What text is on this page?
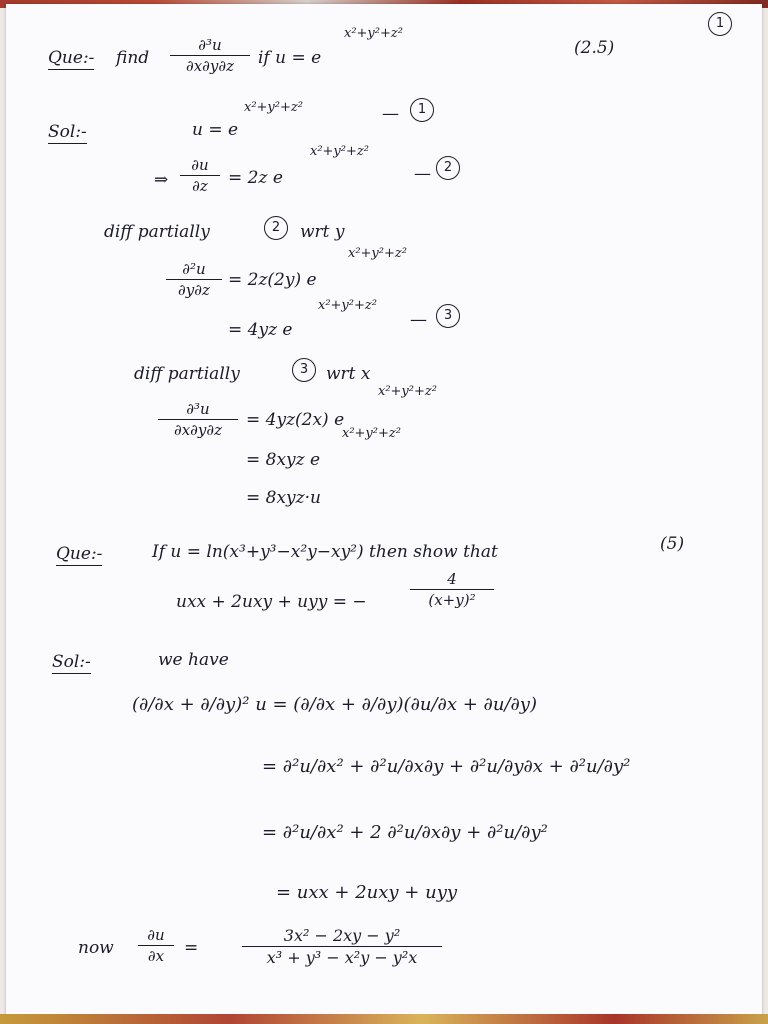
1
Que:- find $\frac{\text{∂³u}}{\partial x\partial y\partial z}$ if u = e
x²+y²+z²
(2.5)
Sol:-	u = e
x²+y²+z²	—	1
⇒ $\frac{\partial u}{\partial z} = 2z$ e
x²+y²+z²
— 2
diff partially	2	wrt y
$\frac{\text{∂²u}}{\partial y\partial z} = 2z(2y)$ e
x²+y²+z²
= 4yz e
x²+y²+z²
—	3
diff partially	3	wrt x
$\frac{\text{∂³u}}{\partial x\partial y\partial z} = 4yz(2x)$ e
x²+y²+z²
= 8xyz e
x²+y²+z²
= 8xyz·u
Que:-	If u = ln(x³+y³−x²y−xy²) then show that	(5)
uxx + 2uxy + uyy = −	$\frac{4}{\text{(x+y)²}}$
Sol:-	we have
(∂/∂x + ∂/∂y)² u = (∂/∂x + ∂/∂y)(∂u/∂x + ∂u/∂y)
= ∂²u/∂x² + ∂²u/∂x∂y + ∂²u/∂y∂x + ∂²u/∂y²
= ∂²u/∂x² + 2 ∂²u/∂x∂y + ∂²u/∂y²
= uxx + 2uxy + uyy
now $\frac{\partial u}{\partial x}$ =	$\frac{\text{3x² − 2xy − y²}}{\text{x³ + y³ − x²y − y²x}}$
